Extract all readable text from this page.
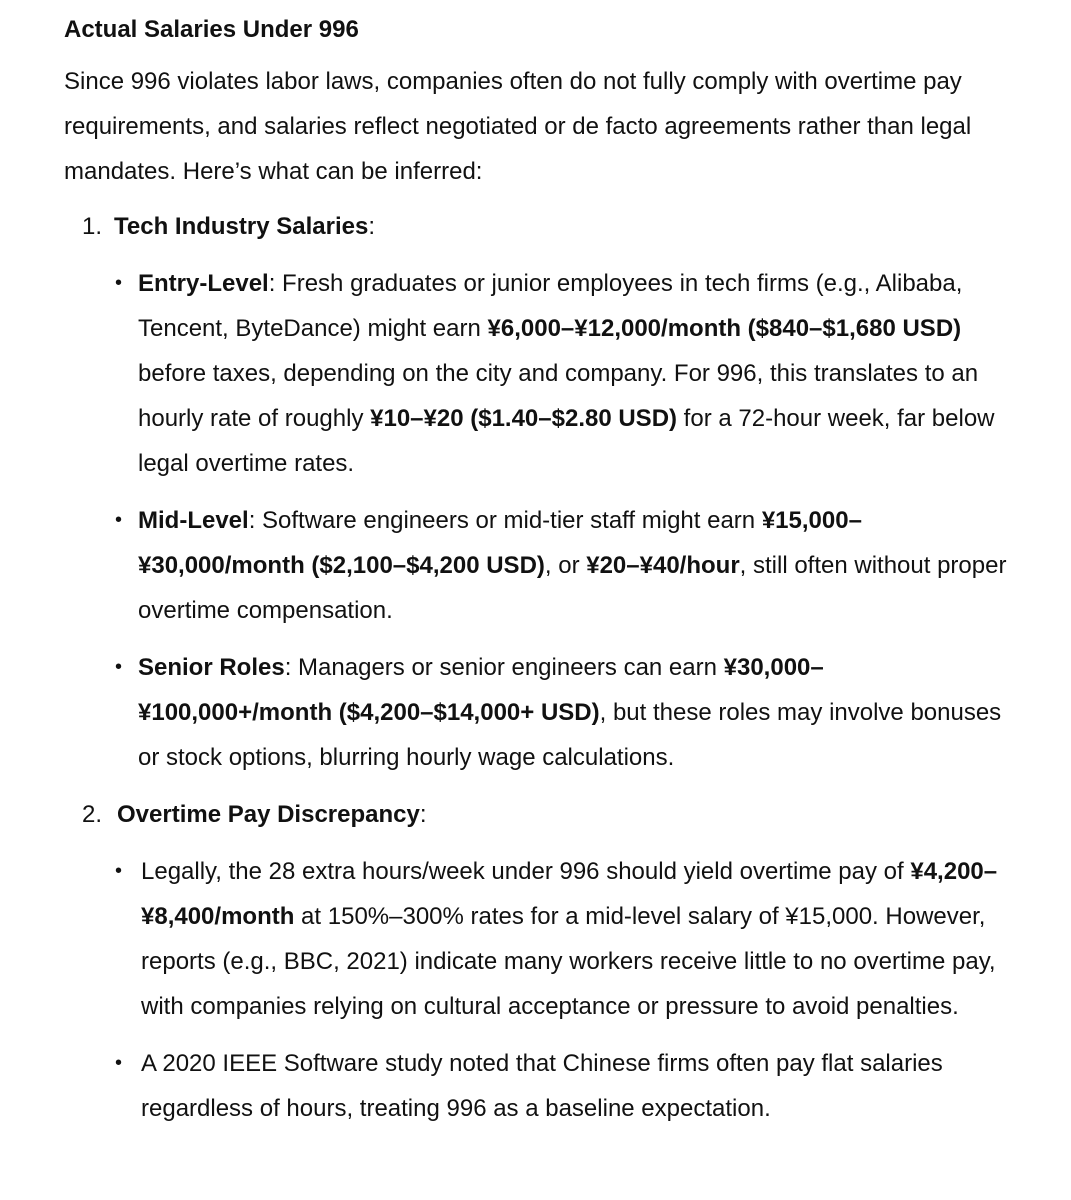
Actual Salaries Under 996
Since 996 violates labor laws, companies often do not fully comply with overtime pay requirements, and salaries reflect negotiated or de facto agreements rather than legal mandates. Here’s what can be inferred:
1. Tech Industry Salaries:
• Entry-Level: Fresh graduates or junior employees in tech firms (e.g., Alibaba, Tencent, ByteDance) might earn ¥6,000–¥12,000/month ($840–$1,680 USD) before taxes, depending on the city and company. For 996, this translates to an hourly rate of roughly ¥10–¥20 ($1.40–$2.80 USD) for a 72-hour week, far below legal overtime rates.
• Mid-Level: Software engineers or mid-tier staff might earn ¥15,000–¥30,000/month ($2,100–$4,200 USD), or ¥20–¥40/hour, still often without proper overtime compensation.
• Senior Roles: Managers or senior engineers can earn ¥30,000–¥100,000+/month ($4,200–$14,000+ USD), but these roles may involve bonuses or stock options, blurring hourly wage calculations.
2. Overtime Pay Discrepancy:
• Legally, the 28 extra hours/week under 996 should yield overtime pay of ¥4,200–¥8,400/month at 150%–300% rates for a mid-level salary of ¥15,000. However, reports (e.g., BBC, 2021) indicate many workers receive little to no overtime pay, with companies relying on cultural acceptance or pressure to avoid penalties.
• A 2020 IEEE Software study noted that Chinese firms often pay flat salaries regardless of hours, treating 996 as a baseline expectation.
